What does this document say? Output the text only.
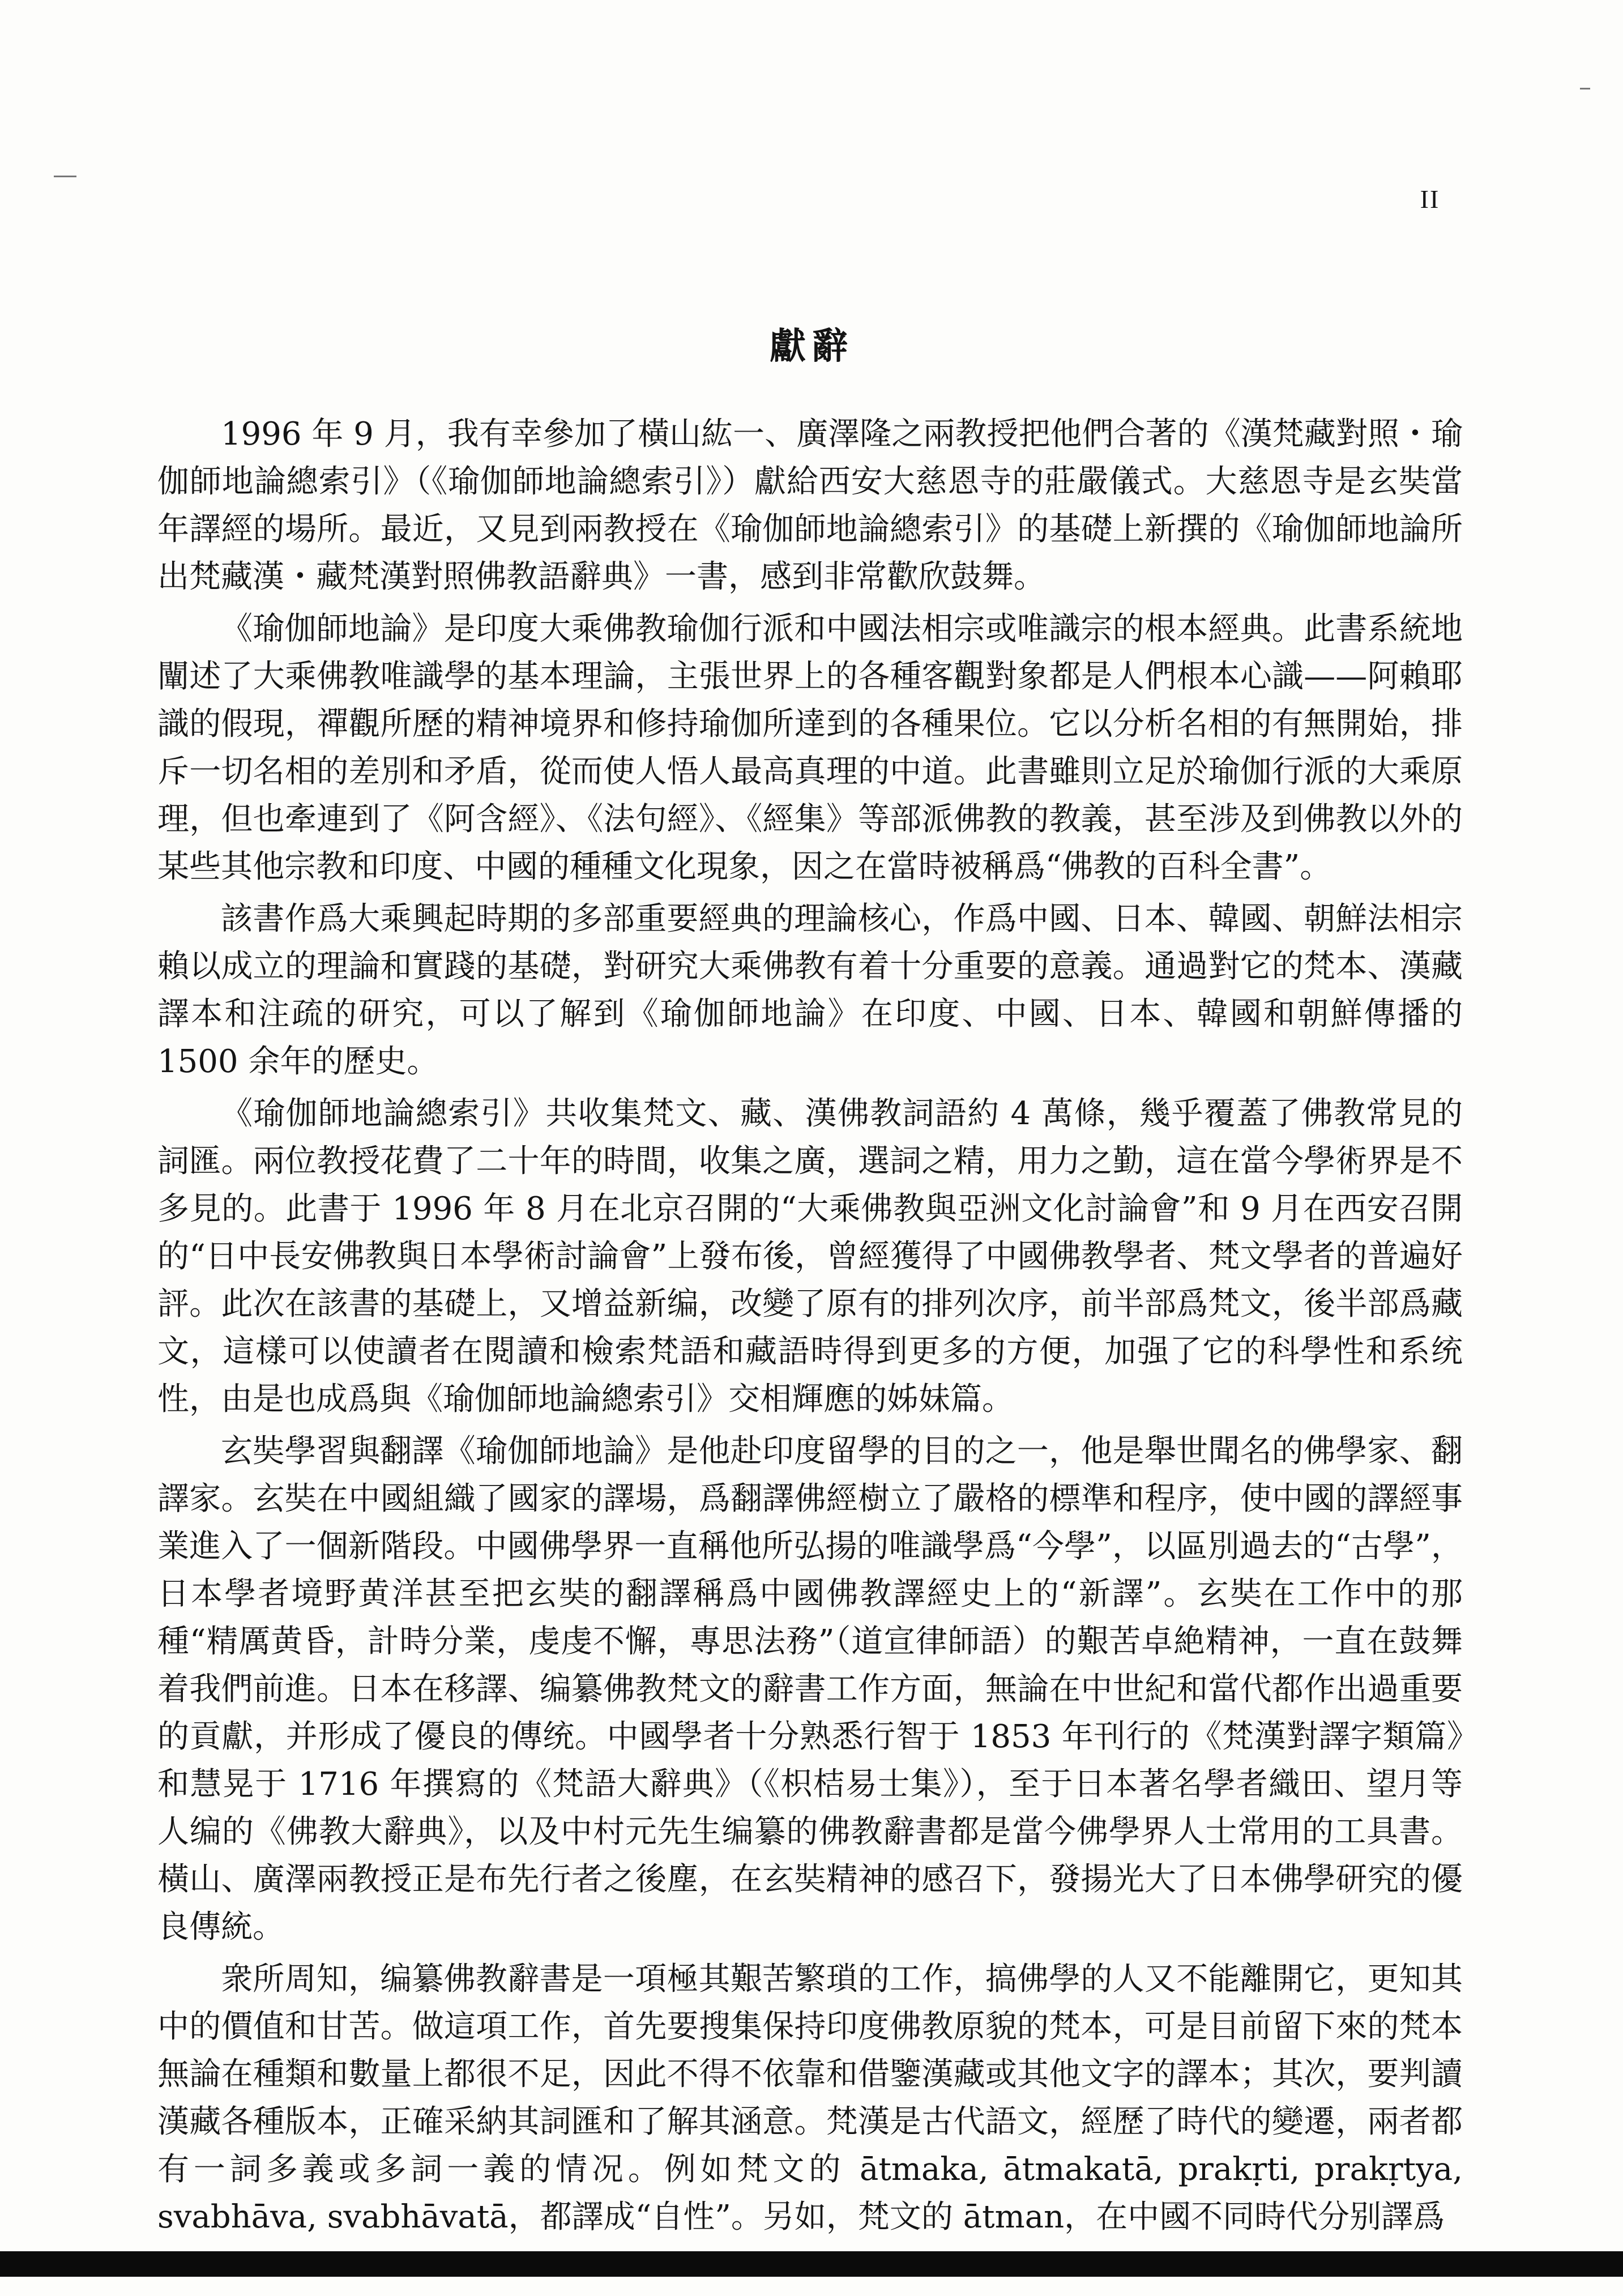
II
獻辭

1996 年 9 月，我有幸參加了橫山紘一、廣澤隆之兩教授把他們合著的《漢梵藏對照・瑜伽師地論總索引》（《瑜伽師地論總索引》）獻給西安大慈恩寺的莊嚴儀式。大慈恩寺是玄奘當年譯經的場所。最近，又見到兩教授在《瑜伽師地論總索引》的基礎上新撰的《瑜伽師地論所出梵藏漢・藏梵漢對照佛教語辭典》一書，感到非常歡欣鼓舞。

《瑜伽師地論》是印度大乘佛教瑜伽行派和中國法相宗或唯識宗的根本經典。此書系統地闡述了大乘佛教唯識學的基本理論，主張世界上的各種客觀對象都是人們根本心識——阿賴耶識的假現，禪觀所歷的精神境界和修持瑜伽所達到的各種果位。它以分析名相的有無開始，排斥一切名相的差別和矛盾，從而使人悟人最高真理的中道。此書雖則立足於瑜伽行派的大乘原理，但也牽連到了《阿含經》、《法句經》、《經集》等部派佛教的教義，甚至涉及到佛教以外的某些其他宗教和印度、中國的種種文化現象，因之在當時被稱爲“佛教的百科全書”。

該書作爲大乘興起時期的多部重要經典的理論核心，作爲中國、日本、韓國、朝鮮法相宗賴以成立的理論和實踐的基礎，對研究大乘佛教有着十分重要的意義。通過對它的梵本、漢藏譯本和注疏的研究，可以了解到《瑜伽師地論》在印度、中國、日本、韓國和朝鮮傳播的 1500 余年的歷史。

《瑜伽師地論總索引》共收集梵文、藏、漢佛教詞語約 4 萬條，幾乎覆蓋了佛教常見的詞匯。兩位教授花費了二十年的時間，收集之廣，選詞之精，用力之勤，這在當今學術界是不多見的。此書于 1996 年 8 月在北京召開的“大乘佛教與亞洲文化討論會”和 9 月在西安召開的“日中長安佛教與日本學術討論會”上發布後，曾經獲得了中國佛教學者、梵文學者的普遍好評。此次在該書的基礎上，又增益新编，改變了原有的排列次序，前半部爲梵文，後半部爲藏文，這樣可以使讀者在閱讀和檢索梵語和藏語時得到更多的方便，加强了它的科學性和系统性，由是也成爲與《瑜伽師地論總索引》交相輝應的姊妹篇。

玄奘學習與翻譯《瑜伽師地論》是他赴印度留學的目的之一，他是舉世聞名的佛學家、翻譯家。玄奘在中國組織了國家的譯場，爲翻譯佛經樹立了嚴格的標準和程序，使中國的譯經事業進入了一個新階段。中國佛學界一直稱他所弘揚的唯識學爲“今學”，以區別過去的“古學”，日本學者境野黄洋甚至把玄奘的翻譯稱爲中國佛教譯經史上的“新譯”。玄奘在工作中的那種“精厲黄昏，計時分業，虔虔不懈，專思法務”（道宣律師語）的艱苦卓絶精神，一直在鼓舞着我們前進。日本在移譯、编纂佛教梵文的辭書工作方面，無論在中世紀和當代都作出過重要的貢獻，并形成了優良的傳统。中國學者十分熟悉行智于 1853 年刊行的《梵漢對譯字類篇》和慧晃于 1716 年撰寫的《梵語大辭典》（《枳桔易士集》），至于日本著名學者織田、望月等人编的《佛教大辭典》，以及中村元先生编纂的佛教辭書都是當今佛學界人士常用的工具書。橫山、廣澤兩教授正是布先行者之後塵，在玄奘精神的感召下，發揚光大了日本佛學研究的優良傳統。

衆所周知，编纂佛教辭書是一項極其艱苦繁瑣的工作，搞佛學的人又不能離開它，更知其中的價值和甘苦。做這項工作，首先要搜集保持印度佛教原貌的梵本，可是目前留下來的梵本無論在種類和數量上都很不足，因此不得不依靠和借鑒漢藏或其他文字的譯本；其次，要判讀漢藏各種版本，正確采納其詞匯和了解其涵意。梵漢是古代語文，經歷了時代的變遷，兩者都有一詞多義或多詞一義的情况。例如梵文的 ātmaka, ātmakatā, prakṛti, prakṛtya, svabhāva, svabhāvatā，都譯成“自性”。另如，梵文的 ātman，在中國不同時代分别譯爲
